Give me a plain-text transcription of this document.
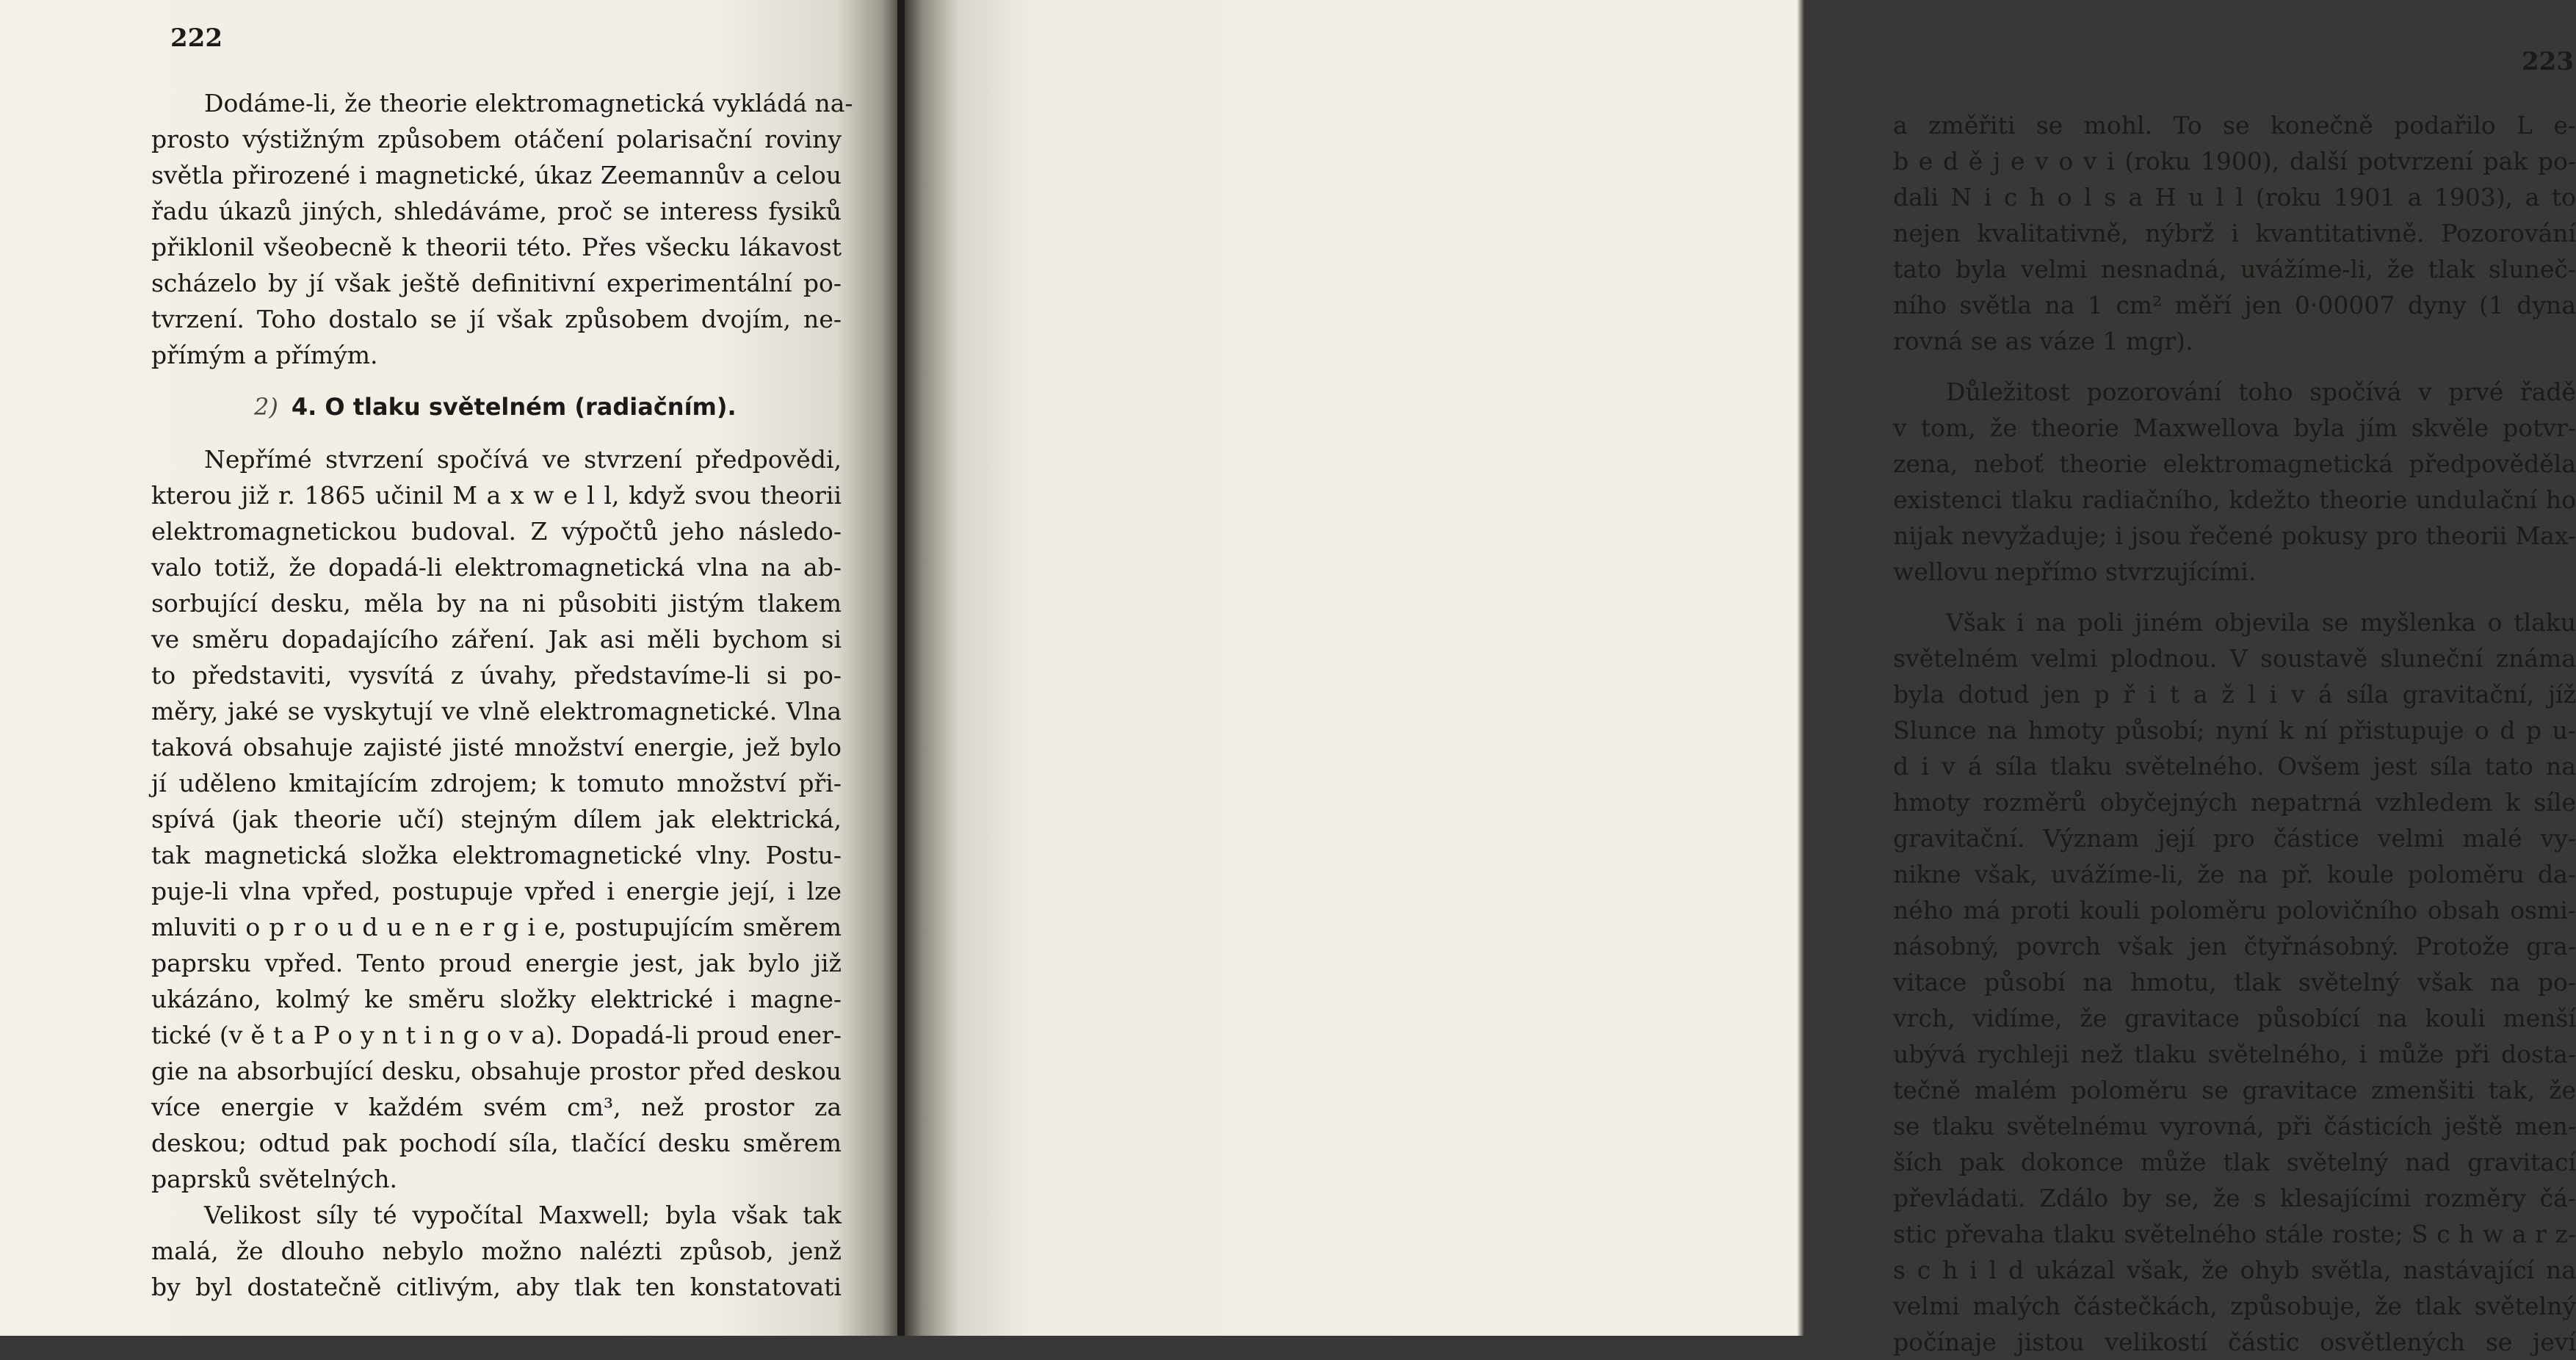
222
Dodáme-li, že theorie elektromagnetická vykládá na-
prosto výstižným způsobem otáčení polarisační roviny
světla přirozené i magnetické, úkaz Zeemannův a celou
řadu úkazů jiných, shledáváme, proč se interess fysiků
přiklonil všeobecně k theorii této. Přes všecku lákavost
scházelo by jí však ještě definitivní experimentální po-
tvrzení. Toho dostalo se jí však způsobem dvojím, ne-
přímým a přímým.
2) 4. O tlaku světelném (radiačním).
Nepřímé stvrzení spočívá ve stvrzení předpovědi,
kterou již r. 1865 učinil M a x w e l l, když svou theorii
elektromagnetickou budoval. Z výpočtů jeho následo-
valo totiž, že dopadá-li elektromagnetická vlna na ab-
sorbující desku, měla by na ni působiti jistým tlakem
ve směru dopadajícího záření. Jak asi měli bychom si
to představiti, vysvítá z úvahy, představíme-li si po-
měry, jaké se vyskytují ve vlně elektromagnetické. Vlna
taková obsahuje zajisté jisté množství energie, jež bylo
jí uděleno kmitajícím zdrojem; k tomuto množství při-
spívá (jak theorie učí) stejným dílem jak elektrická,
tak magnetická složka elektromagnetické vlny. Postu-
puje-li vlna vpřed, postupuje vpřed i energie její, i lze
mluviti o p r o u d u e n e r g i e, postupujícím směrem
paprsku vpřed. Tento proud energie jest, jak bylo již
ukázáno, kolmý ke směru složky elektrické i magne-
tické (v ě t a P o y n t i n g o v a). Dopadá-li proud ener-
gie na absorbující desku, obsahuje prostor před deskou
více energie v každém svém cm³, než prostor za
deskou; odtud pak pochodí síla, tlačící desku směrem
paprsků světelných.
Velikost síly té vypočítal Maxwell; byla však tak
malá, že dlouho nebylo možno nalézti způsob, jenž
by byl dostatečně citlivým, aby tlak ten konstatovati
223
a změřiti se mohl. To se konečně podařilo L e-
b e d ě j e v o v i (roku 1900), další potvrzení pak po-
dali N i c h o l s a H u l l (roku 1901 a 1903), a to
nejen kvalitativně, nýbrž i kvantitativně. Pozorování
tato byla velmi nesnadná, uvážíme-li, že tlak sluneč-
ního světla na 1 cm² měří jen 0·00007 dyny (1 dyna
rovná se as váze 1 mgr).
Důležitost pozorování toho spočívá v prvé řadě
v tom, že theorie Maxwellova byla jím skvěle potvr-
zena, neboť theorie elektromagnetická předpověděla
existenci tlaku radiačního, kdežto theorie undulační ho
nijak nevyžaduje; i jsou řečené pokusy pro theorii Max-
wellovu nepřímo stvrzujícími.
Však i na poli jiném objevila se myšlenka o tlaku
světelném velmi plodnou. V soustavě sluneční známa
byla dotud jen p ř i t a ž l i v á síla gravitační, jíž
Slunce na hmoty působí; nyní k ní přistupuje o d p u-
d i v á síla tlaku světelného. Ovšem jest síla tato na
hmoty rozměrů obyčejných nepatrná vzhledem k síle
gravitační. Význam její pro částice velmi malé vy-
nikne však, uvážíme-li, že na př. koule poloměru da-
ného má proti kouli poloměru polovičního obsah osmi-
násobný, povrch však jen čtyřnásobný. Protože gra-
vitace působí na hmotu, tlak světelný však na po-
vrch, vidíme, že gravitace působící na kouli menší
ubývá rychleji než tlaku světelného, i může při dosta-
tečně malém poloměru se gravitace zmenšiti tak, že
se tlaku světelnému vyrovná, při částicích ještě men-
ších pak dokonce může tlak světelný nad gravitací
převládati. Zdálo by se, že s klesajícími rozměry čá-
stic převaha tlaku světelného stále roste; S c h w a r z-
s c h i l d ukázal však, že ohyb světla, nastávající na
velmi malých částečkách, způsobuje, že tlak světelný
počínaje jistou velikostí částic osvětlených se jeví
